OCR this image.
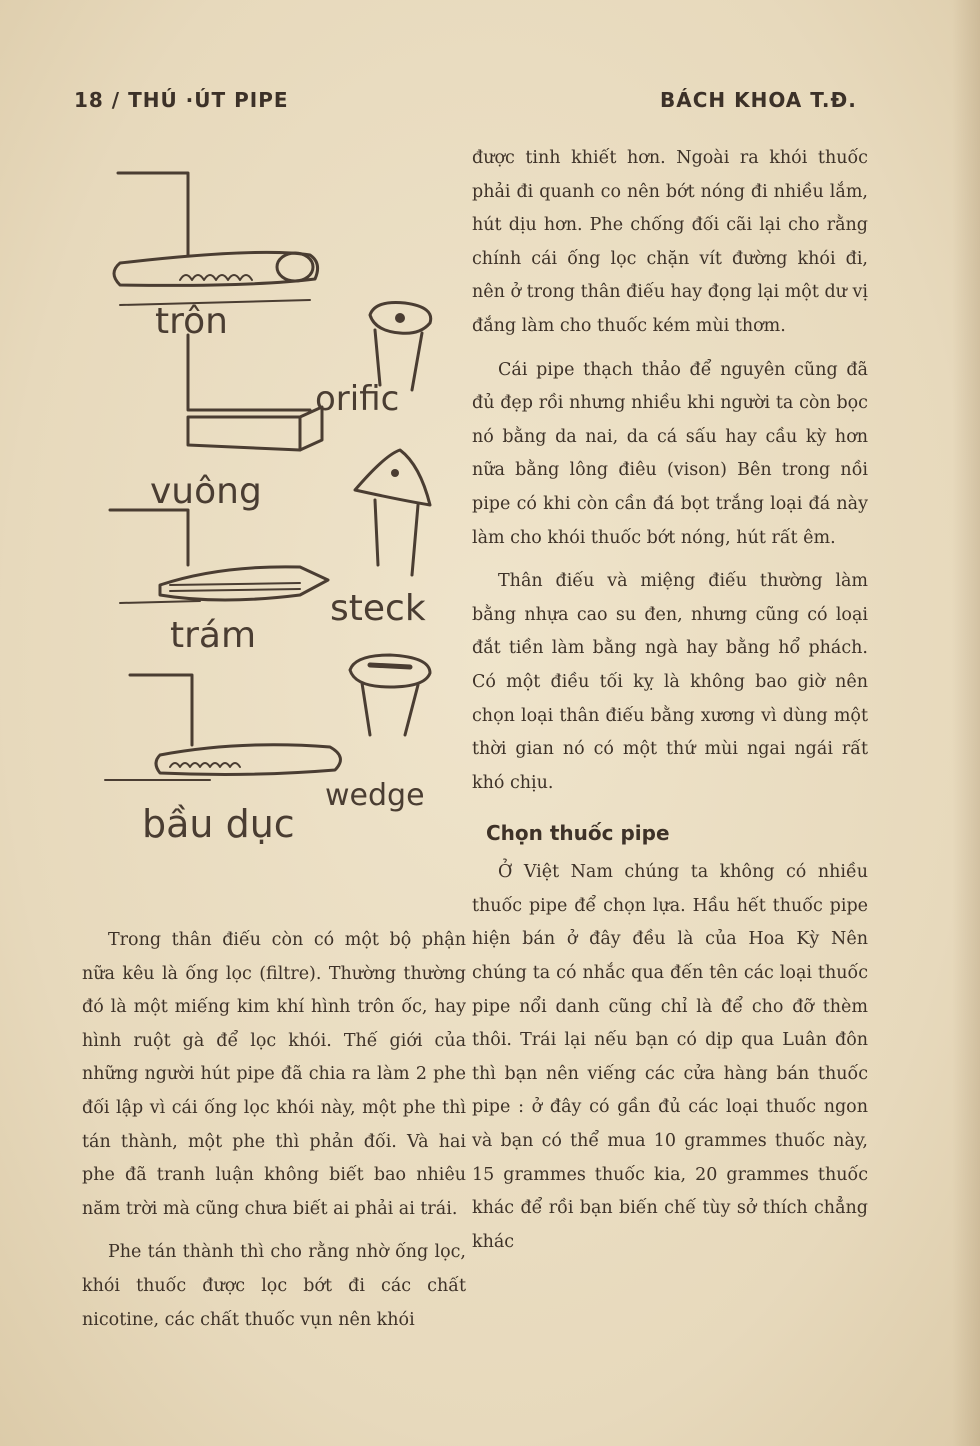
18 / THÚ ·ÚT PIPE	BÁCH KHOA T.Đ.
trôn
orific
vuông
steck
trám
wedge
bầu dục

Trong thân điếu còn có một bộ phận nữa kêu là ống lọc (filtre). Thường thường đó là một miếng kim khí hình trôn ốc, hay hình ruột gà để lọc khói. Thế giới của những người hút pipe đã chia ra làm 2 phe đối lập vì cái ống lọc khói này, một phe thì tán thành, một phe thì phản đối. Và hai phe đã tranh luận không biết bao nhiêu năm trời mà cũng chưa biết ai phải ai trái.

Phe tán thành thì cho rằng nhờ ống lọc, khói thuốc được lọc bớt đi các chất nicotine, các chất thuốc vụn nên khói

được tinh khiết hơn. Ngoài ra khói thuốc phải đi quanh co nên bớt nóng đi nhiều lắm, hút dịu hơn. Phe chống đối cãi lại cho rằng chính cái ống lọc chặn vít đường khói đi, nên ở trong thân điếu hay đọng lại một dư vị đắng làm cho thuốc kém mùi thơm.

Cái pipe thạch thảo để nguyên cũng đã đủ đẹp rồi nhưng nhiều khi người ta còn bọc nó bằng da nai, da cá sấu hay cầu kỳ hơn nữa bằng lông điêu (vison) Bên trong nồi pipe có khi còn cần đá bọt trắng loại đá này làm cho khói thuốc bớt nóng, hút rất êm.

Thân điếu và miệng điếu thường làm bằng nhựa cao su đen, nhưng cũng có loại đắt tiền làm bằng ngà hay bằng hổ phách. Có một điều tối kỵ là không bao giờ nên chọn loại thân điếu bằng xương vì dùng một thời gian nó có một thứ mùi ngai ngái rất khó chịu.

Chọn thuốc pipe

Ở Việt Nam chúng ta không có nhiều thuốc pipe để chọn lựa. Hầu hết thuốc pipe hiện bán ở đây đều là của Hoa Kỳ Nên chúng ta có nhắc qua đến tên các loại thuốc pipe nổi danh cũng chỉ là để cho đỡ thèm thôi. Trái lại nếu bạn có dịp qua Luân đôn thì bạn nên viếng các cửa hàng bán thuốc pipe : ở đây có gần đủ các loại thuốc ngon và bạn có thể mua 10 grammes thuốc này, 15 grammes thuốc kia, 20 grammes thuốc khác để rồi bạn biến chế tùy sở thích chẳng khác
